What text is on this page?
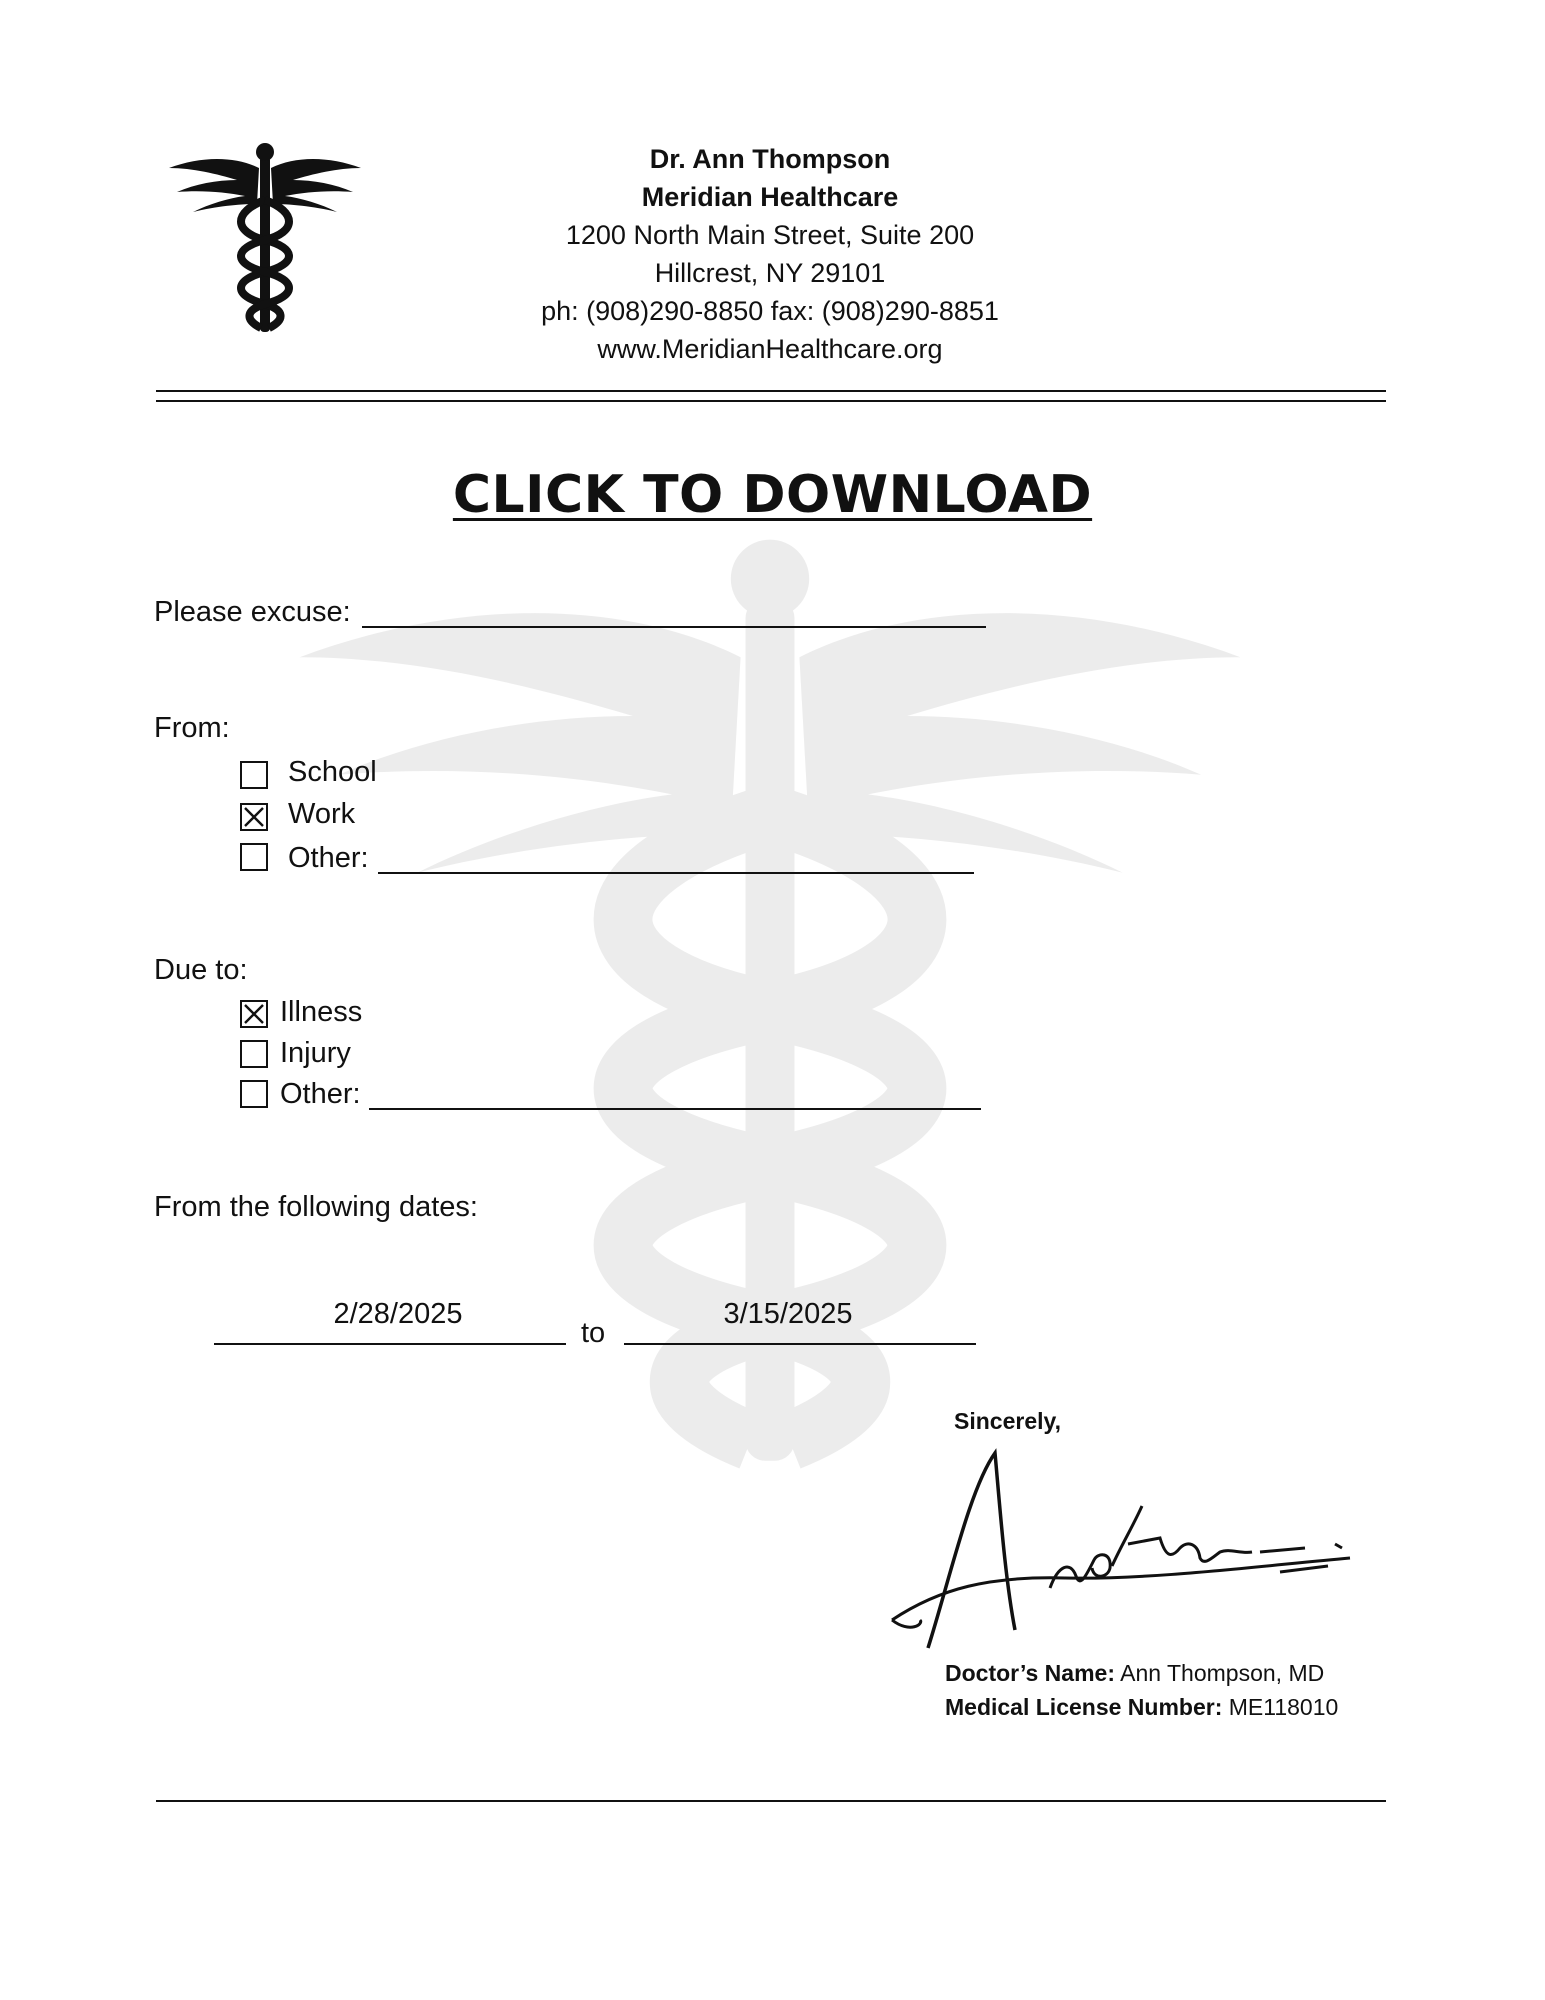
Dr. Ann Thompson
Meridian Healthcare
1200 North Main Street, Suite 200
Hillcrest, NY 29101
ph: (908)290-8850 fax: (908)290-8851
www.MeridianHealthcare.org
CLICK TO DOWNLOAD
Please excuse:
From:
School
Work
Other:
Due to:
Illness
Injury
Other:
From the following dates:
2/28/2025
to
3/15/2025
Sincerely,
Doctor’s Name: Ann Thompson, MD
Medical License Number: ME118010
